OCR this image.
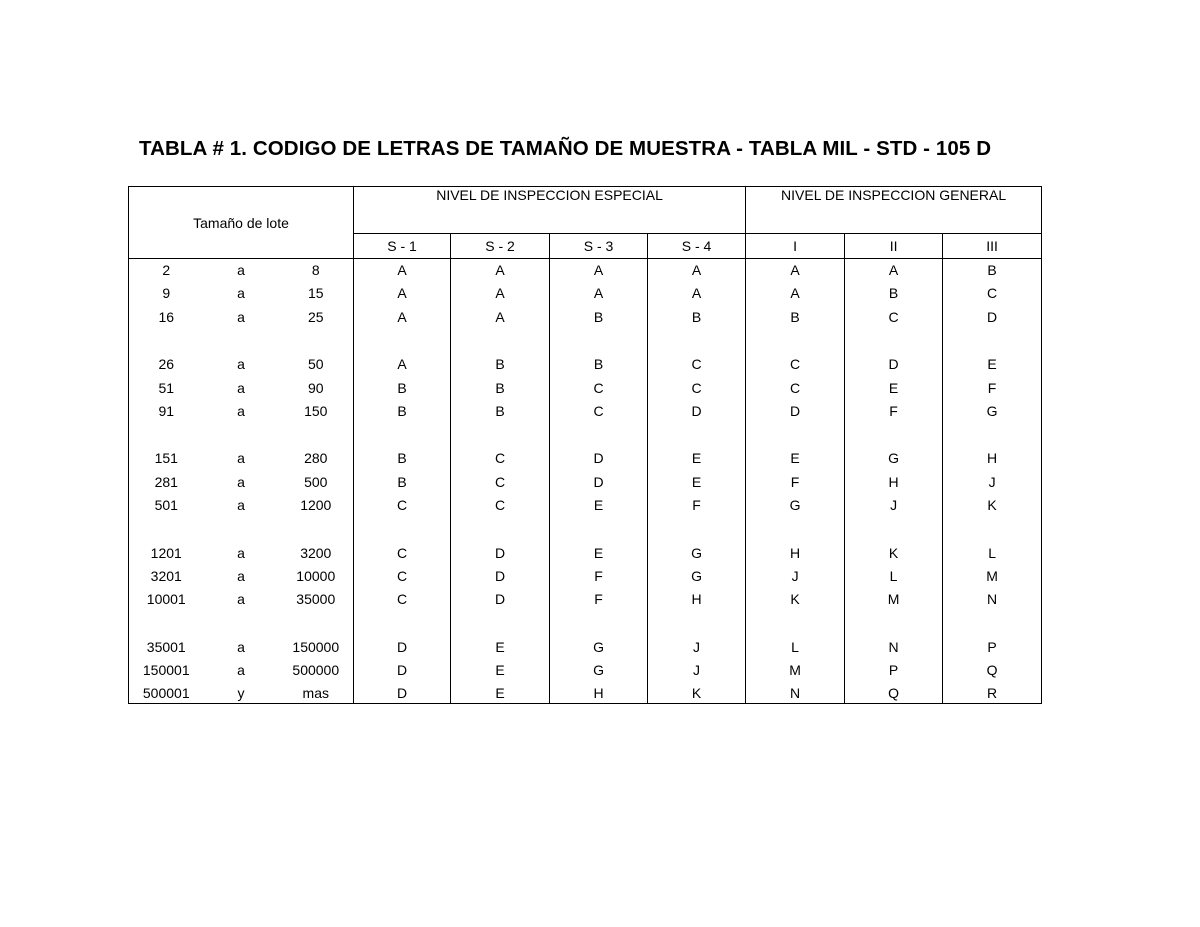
TABLA # 1. CODIGO DE LETRAS DE TAMAÑO DE MUESTRA - TABLA MIL - STD - 105 D
Tamaño de lote			NIVEL DE INSPECCION ESPECIAL				NIVEL DE INSPECCION GENERAL		
			S - 1	S - 2	S - 3	S - 4	I	II	III
2	a	8	A	A	A	A	A	A	B
9	a	15	A	A	A	A	A	B	C
16	a	25	A	A	B	B	B	C	D

26	a	50	A	B	B	C	C	D	E
51	a	90	B	B	C	C	C	E	F
91	a	150	B	B	C	D	D	F	G

151	a	280	B	C	D	E	E	G	H
281	a	500	B	C	D	E	F	H	J
501	a	1200	C	C	E	F	G	J	K

1201	a	3200	C	D	E	G	H	K	L
3201	a	10000	C	D	F	G	J	L	M
10001	a	35000	C	D	F	H	K	M	N

35001	a	150000	D	E	G	J	L	N	P
150001	a	500000	D	E	G	J	M	P	Q
500001	y	mas	D	E	H	K	N	Q	R
